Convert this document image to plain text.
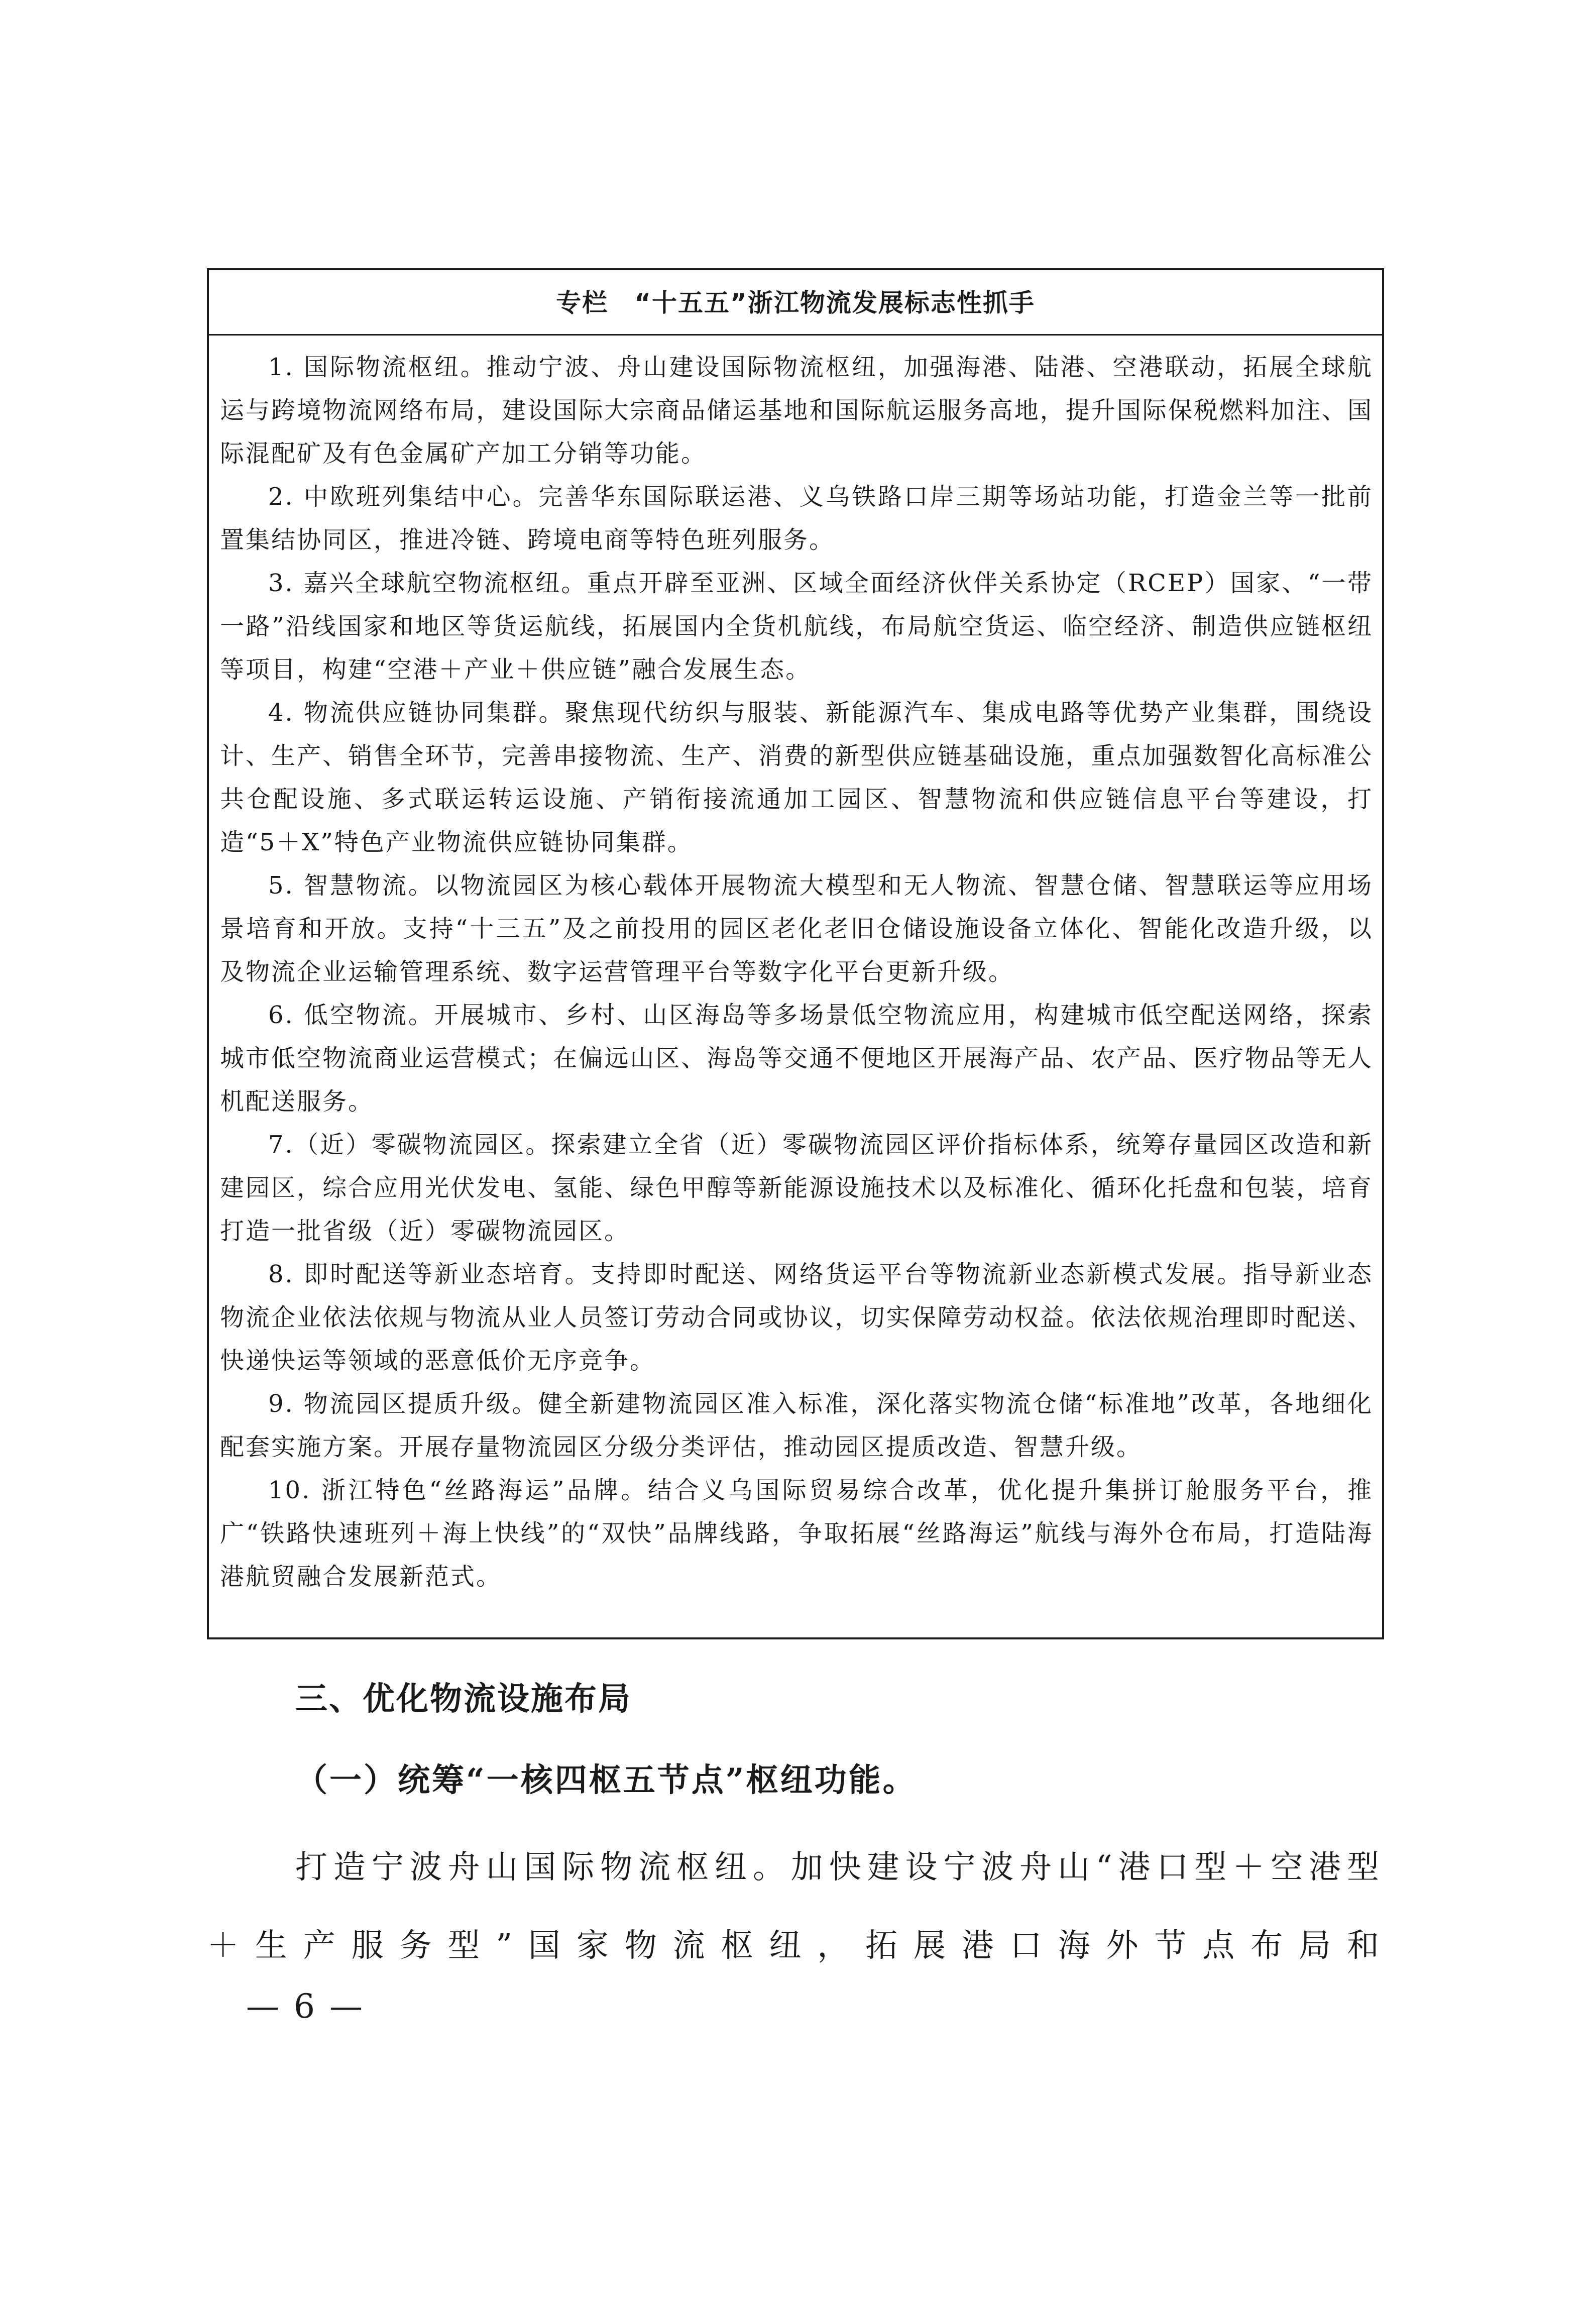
专栏　“十五五”浙江物流发展标志性抓手

1. 国际物流枢纽。推动宁波、舟山建设国际物流枢纽，加强海港、陆港、空港联动，拓展全球航运与跨境物流网络布局，建设国际大宗商品储运基地和国际航运服务高地，提升国际保税燃料加注、国际混配矿及有色金属矿产加工分销等功能。

2. 中欧班列集结中心。完善华东国际联运港、义乌铁路口岸三期等场站功能，打造金兰等一批前置集结协同区，推进冷链、跨境电商等特色班列服务。

3. 嘉兴全球航空物流枢纽。重点开辟至亚洲、区域全面经济伙伴关系协定（RCEP）国家、“一带一路”沿线国家和地区等货运航线，拓展国内全货机航线，布局航空货运、临空经济、制造供应链枢纽等项目，构建“空港＋产业＋供应链”融合发展生态。

4. 物流供应链协同集群。聚焦现代纺织与服装、新能源汽车、集成电路等优势产业集群，围绕设计、生产、销售全环节，完善串接物流、生产、消费的新型供应链基础设施，重点加强数智化高标准公共仓配设施、多式联运转运设施、产销衔接流通加工园区、智慧物流和供应链信息平台等建设，打造“5＋X”特色产业物流供应链协同集群。

5. 智慧物流。以物流园区为核心载体开展物流大模型和无人物流、智慧仓储、智慧联运等应用场景培育和开放。支持“十三五”及之前投用的园区老化老旧仓储设施设备立体化、智能化改造升级，以及物流企业运输管理系统、数字运营管理平台等数字化平台更新升级。

6. 低空物流。开展城市、乡村、山区海岛等多场景低空物流应用，构建城市低空配送网络，探索城市低空物流商业运营模式；在偏远山区、海岛等交通不便地区开展海产品、农产品、医疗物品等无人机配送服务。

7.（近）零碳物流园区。探索建立全省（近）零碳物流园区评价指标体系，统筹存量园区改造和新建园区，综合应用光伏发电、氢能、绿色甲醇等新能源设施技术以及标准化、循环化托盘和包装，培育打造一批省级（近）零碳物流园区。

8. 即时配送等新业态培育。支持即时配送、网络货运平台等物流新业态新模式发展。指导新业态物流企业依法依规与物流从业人员签订劳动合同或协议，切实保障劳动权益。依法依规治理即时配送、快递快运等领域的恶意低价无序竞争。

9. 物流园区提质升级。健全新建物流园区准入标准，深化落实物流仓储“标准地”改革，各地细化配套实施方案。开展存量物流园区分级分类评估，推动园区提质改造、智慧升级。

10. 浙江特色“丝路海运”品牌。结合义乌国际贸易综合改革，优化提升集拼订舱服务平台，推广“铁路快速班列＋海上快线”的“双快”品牌线路，争取拓展“丝路海运”航线与海外仓布局，打造陆海港航贸融合发展新范式。

三、优化物流设施布局
（一）统筹“一核四枢五节点”枢纽功能。

打造宁波舟山国际物流枢纽。加快建设宁波舟山“港口型＋空港型＋生产服务型”国家物流枢纽，拓展港口海外节点布局和

— 6 —
